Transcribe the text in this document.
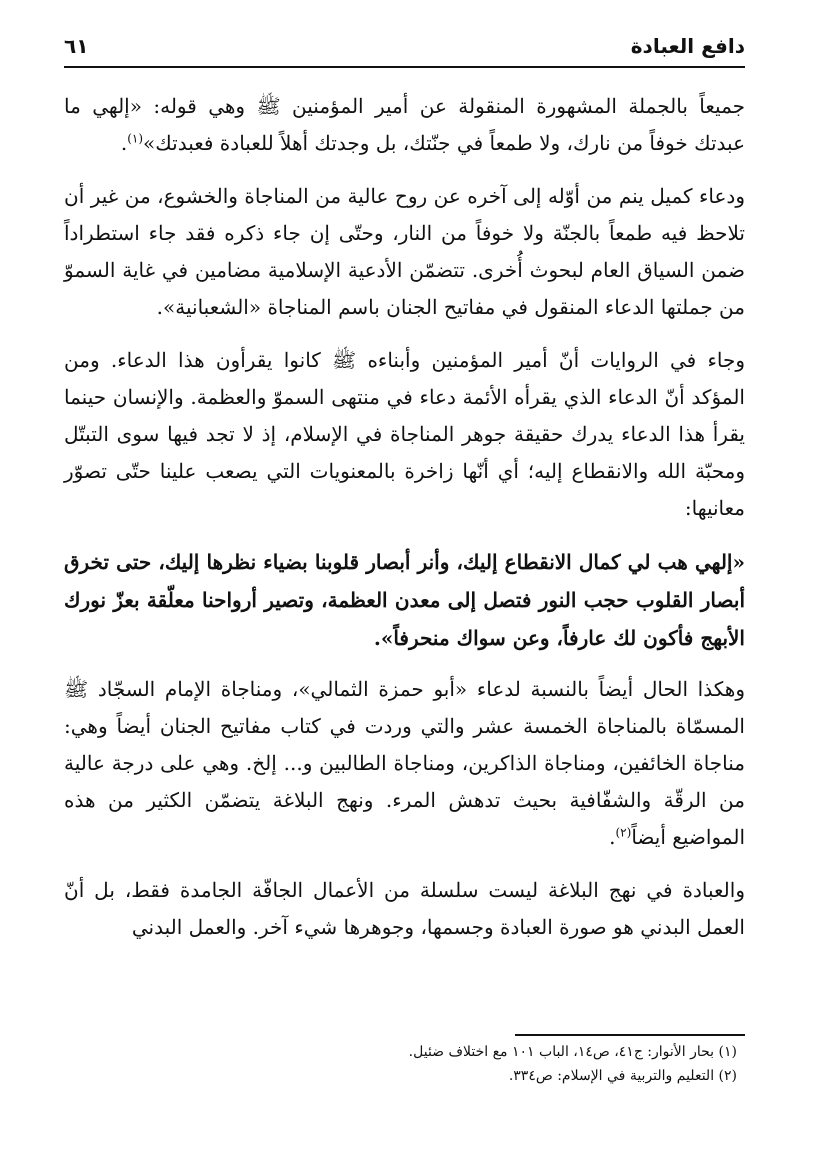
دافع العبادة
٦١

جميعاً بالجملة المشهورة المنقولة عن أمير المؤمنين ﷺ وهي قوله: «إلهي ما عبدتك خوفاً من نارك، ولا طمعاً في جنّتك، بل وجدتك أهلاً للعبادة فعبدتك»$^{(١)}$.

ودعاء كميل ينم من أوّله إلى آخره عن روح عالية من المناجاة والخشوع، من غير أن تلاحظ فيه طمعاً بالجنّة ولا خوفاً من النار، وحتّى إن جاء ذكره فقد جاء استطراداً ضمن السياق العام لبحوث أُخرى. تتضمّن الأدعية الإسلامية مضامين في غاية السموّ من جملتها الدعاء المنقول في مفاتيح الجنان باسم المناجاة «الشعبانية».

وجاء في الروايات أنّ أمير المؤمنين وأبناءه ﷺ كانوا يقرأون هذا الدعاء. ومن المؤكد أنّ الدعاء الذي يقرأه الأئمة دعاء في منتهى السموّ والعظمة. والإنسان حينما يقرأ هذا الدعاء يدرك حقيقة جوهر المناجاة في الإسلام، إذ لا تجد فيها سوى التبتّل ومحبّة الله والانقطاع إليه؛ أي أنّها زاخرة بالمعنويات التي يصعب علينا حتّى تصوّر معانيها:

«إلهي هب لي كمال الانقطاع إليك، وأنر أبصار قلوبنا بضياء نظرها إليك، حتى تخرق أبصار القلوب حجب النور فتصل إلى معدن العظمة، وتصير أرواحنا معلّقة بعزّ نورك الأبهج فأكون لك عارفاً، وعن سواك منحرفاً».

وهكذا الحال أيضاً بالنسبة لدعاء «أبو حمزة الثمالي»، ومناجاة الإمام السجّاد ﷺ المسمّاة بالمناجاة الخمسة عشر والتي وردت في كتاب مفاتيح الجنان أيضاً وهي: مناجاة الخائفين، ومناجاة الذاكرين، ومناجاة الطالبين و... إلخ. وهي على درجة عالية من الرقّة والشفّافية بحيث تدهش المرء. ونهج البلاغة يتضمّن الكثير من هذه المواضيع أيضاً$^{(٢)}$.

والعبادة في نهج البلاغة ليست سلسلة من الأعمال الجافّة الجامدة فقط، بل أنّ العمل البدني هو صورة العبادة وجسمها، وجوهرها شيء آخر. والعمل البدني

(١) بحار الأنوار: ج٤١، ص١٤، الباب ١٠١ مع اختلاف ضئيل.
(٢) التعليم والتربية في الإسلام: ص٣٣٤.
